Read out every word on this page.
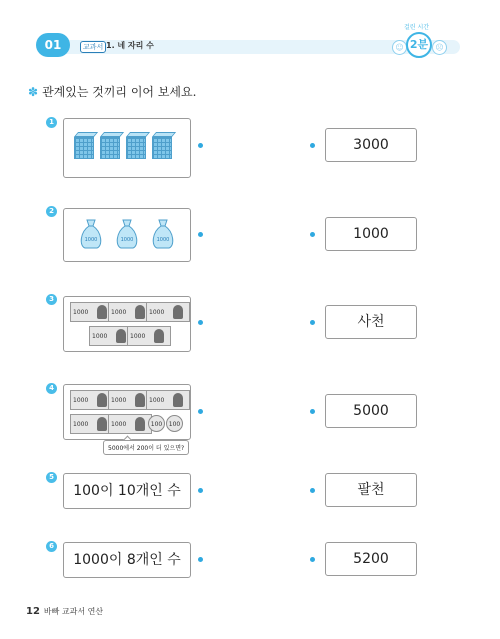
01	교과서 1. 네 자리 수
걸린 시간
☺ 2분 ☹
✽ 관계있는 것끼리 이어 보세요.
1
3000
2
1000	1000	1000	1000
3
1000	1000	1000
1000	1000
사천
4
1000	1000	1000
1000	1000	100	100
5000에서 200이 더 있으면?
5000
5
100이 10개인 수	팔천
6
1000이 8개인 수	5200
12 바빠 교과서 연산
